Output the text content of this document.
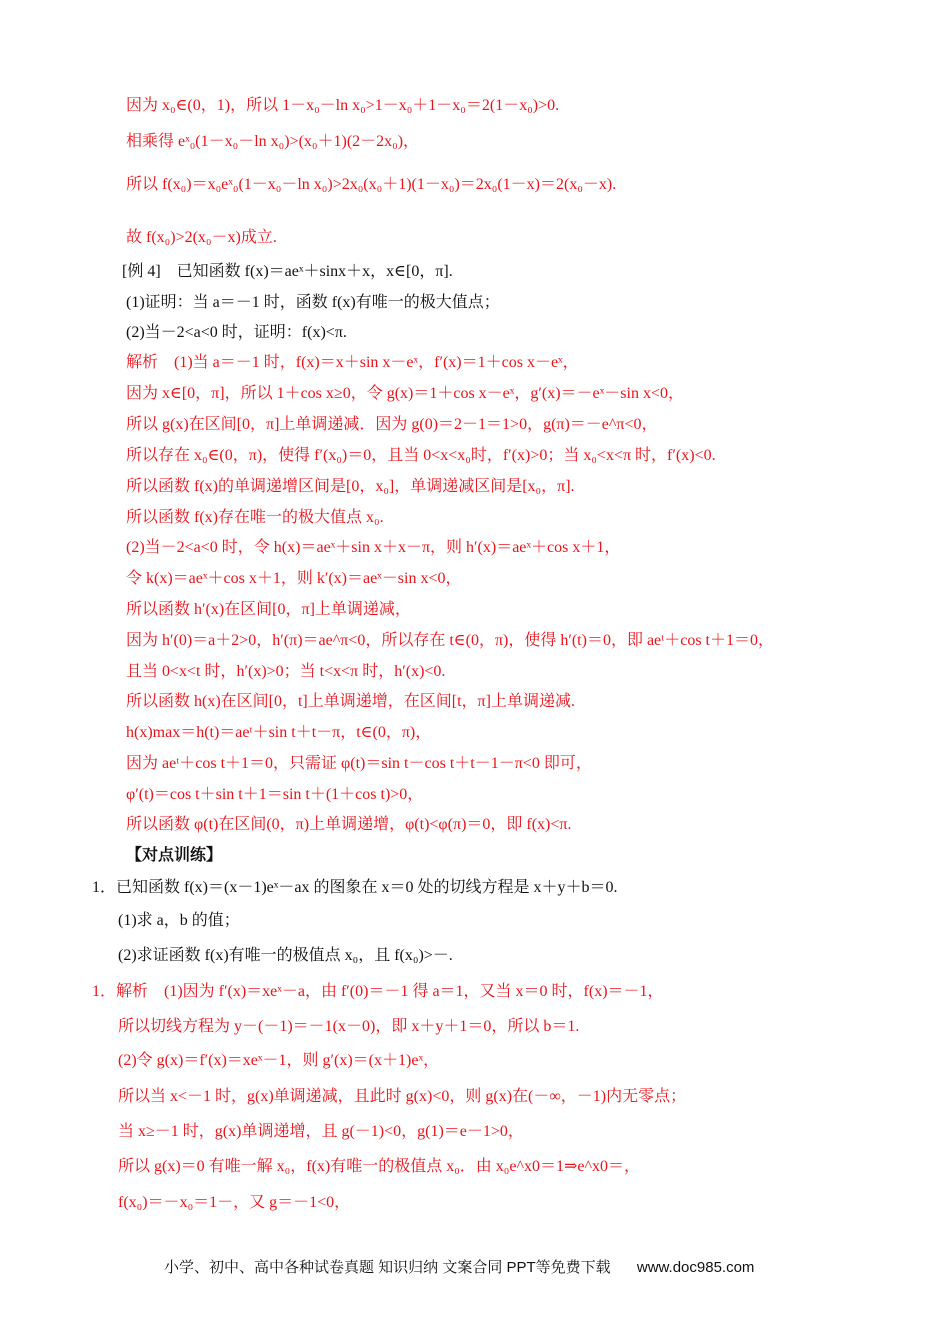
因为 x₀∈(0，1)，所以 1－x₀－ln x₀>1－x₀＋1－x₀＝2(1－x₀)>0.
相乘得 eˣ₀(1－x₀－ln x₀)>(x₀＋1)(2－2x₀)，
所以 f(x₀)＝x₀eˣ₀(1－x₀－ln x₀)>2x₀(x₀＋1)(1－x₀)＝2x₀(1－x)＝2(x₀－x).
故 f(x₀)>2(x₀－x)成立.
[例 4]　已知函数 f(x)＝aeˣ＋sinx＋x，x∈[0，π].
(1)证明：当 a＝－1 时，函数 f(x)有唯一的极大值点；
(2)当－2<a<0 时，证明：f(x)<π.
解析　(1)当 a＝－1 时，f(x)＝x＋sin x－eˣ，f′(x)＝1＋cos x－eˣ，
因为 x∈[0，π]，所以 1＋cos x≥0，令 g(x)＝1＋cos x－eˣ，g′(x)＝－eˣ－sin x<0，
所以 g(x)在区间[0，π]上单调递减．因为 g(0)＝2－1＝1>0，g(π)＝－e^π<0，
所以存在 x₀∈(0，π)，使得 f′(x₀)＝0，且当 0<x<x₀时，f′(x)>0；当 x₀<x<π 时，f′(x)<0.
所以函数 f(x)的单调递增区间是[0，x₀]，单调递减区间是[x₀，π].
所以函数 f(x)存在唯一的极大值点 x₀.
(2)当－2<a<0 时，令 h(x)＝aeˣ＋sin x＋x－π，则 h′(x)＝aeˣ＋cos x＋1，
令 k(x)＝aeˣ＋cos x＋1，则 k′(x)＝aeˣ－sin x<0，
所以函数 h′(x)在区间[0，π]上单调递减，
因为 h′(0)＝a＋2>0，h′(π)＝ae^π<0，所以存在 t∈(0，π)，使得 h′(t)＝0，即 aeᵗ＋cos t＋1＝0，
且当 0<x<t 时，h′(x)>0；当 t<x<π 时，h′(x)<0.
所以函数 h(x)在区间[0，t]上单调递增，在区间[t，π]上单调递减.
h(x)max＝h(t)＝aeᵗ＋sin t＋t－π，t∈(0，π)，
因为 aeᵗ＋cos t＋1＝0，只需证 φ(t)＝sin t－cos t＋t－1－π<0 即可，
φ′(t)＝cos t＋sin t＋1＝sin t＋(1＋cos t)>0，
所以函数 φ(t)在区间(0，π)上单调递增，φ(t)<φ(π)＝0，即 f(x)<π.
【对点训练】
1．已知函数 f(x)＝(x－1)eˣ－ax 的图象在 x＝0 处的切线方程是 x＋y＋b＝0.
(1)求 a，b 的值；
(2)求证函数 f(x)有唯一的极值点 x₀，且 f(x₀)>－.
1．解析　(1)因为 f′(x)＝xeˣ－a，由 f′(0)＝－1 得 a＝1，又当 x＝0 时，f(x)＝－1，
所以切线方程为 y－(－1)＝－1(x－0)，即 x＋y＋1＝0，所以 b＝1.
(2)令 g(x)＝f′(x)＝xeˣ－1，则 g′(x)＝(x＋1)eˣ，
所以当 x<－1 时，g(x)单调递减，且此时 g(x)<0，则 g(x)在(－∞，－1)内无零点；
当 x≥－1 时，g(x)单调递增，且 g(－1)<0，g(1)＝e－1>0，
所以 g(x)＝0 有唯一解 x₀，f(x)有唯一的极值点 x₀．由 x₀e^x0＝1⇒e^x0＝，
f(x₀)＝－x₀＝1－，又 g＝－1<0，
小学、初中、高中各种试卷真题 知识归纳 文案合同 PPT等免费下载 www.doc985.com
